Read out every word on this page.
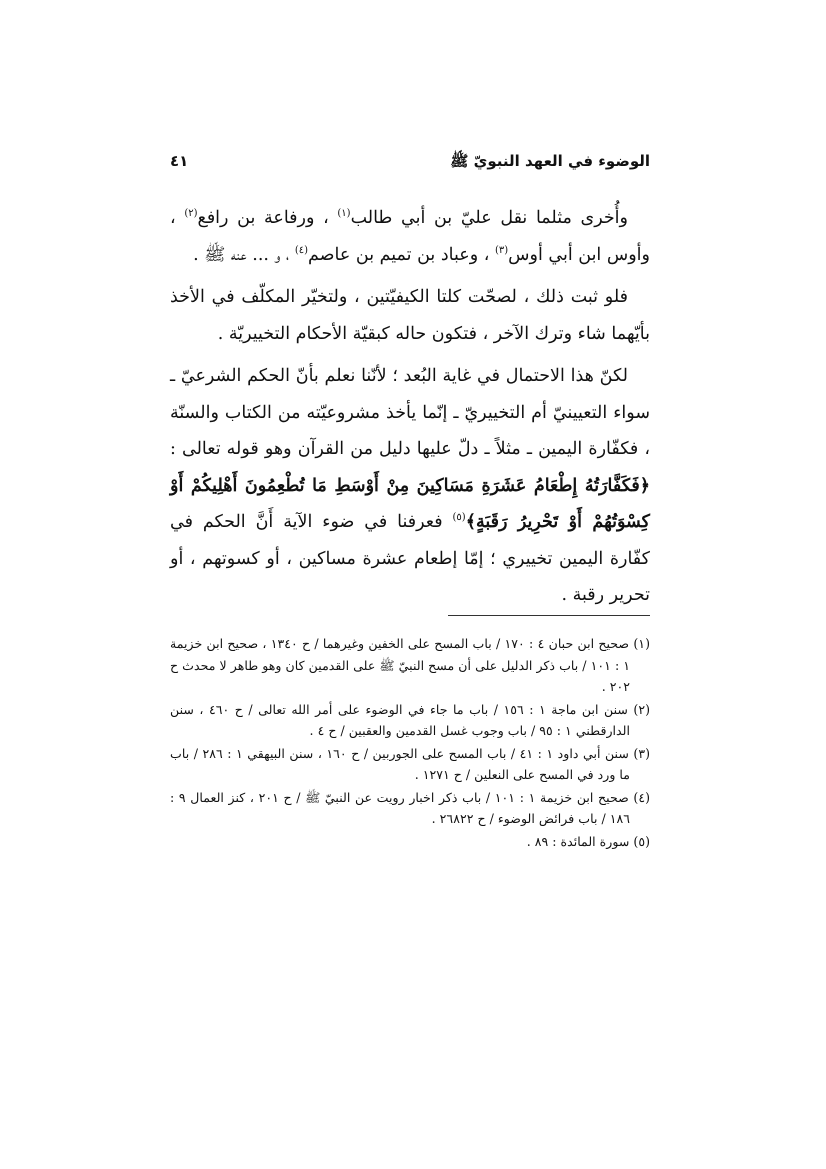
الوضوء في العهد النبويّ ﷺ
٤١

وأُخرى مثلما نقل عليّ بن أبي طالب$^{(١)}$ ، ورفاعة بن رافع$^{(٢)}$ ، وأوس ابن أبي أوس$^{(٣)}$ ، وعباد بن تميم بن عاصم$^{(٤)}$ ، و ... عنه ﷺ .

فلو ثبت ذلك ، لصحّت كلتا الكيفيّتين ، ولتخيّر المكلّف في الأخذ بأيّهما شاء وترك الآخر ، فتكون حاله كبقيّة الأحكام التخييريّة .

لكنّ هذا الاحتمال في غاية البُعد ؛ لأنّنا نعلم بأنّ الحكم الشرعيّ ـ سواء التعيينيّ أم التخييريّ ـ إنّما يأخذ مشروعيّته من الكتاب والسنّة ، فكفّارة اليمين ـ مثلاً ـ دلّ عليها دليل من القرآن وهو قوله تعالى : ﴿فَكَفَّارَتُهُ إِطْعَامُ عَشَرَةِ مَسَاكِينَ مِنْ أَوْسَطِ مَا تُطْعِمُونَ أَهْلِيكُمْ أَوْ كِسْوَتُهُمْ أَوْ تَحْرِيرُ رَقَبَةٍ﴾$^{(٥)}$ فعرفنا في ضوء الآية أَنَّ الحكم في كفّارة اليمين تخييري ؛ إمّا إطعام عشرة مساكين ، أو كسوتهم ، أو تحرير رقبة .

(١) صحيح ابن حبان ٤ : ١٧٠ / باب المسح على الخفين وغيرهما / ح ١٣٤٠ ، صحيح ابن خزيمة ١ : ١٠١ / باب ذكر الدليل على أن مسح النبيّ ﷺ على القدمين كان وهو طاهر لا محدث ح ٢٠٢ .

(٢) سنن ابن ماجة ١ : ١٥٦ / باب ما جاء في الوضوء على أمر الله تعالى / ح ٤٦٠ ، سنن الدارقطني ١ : ٩٥ / باب وجوب غسل القدمين والعقبين / ح ٤ .

(٣) سنن أبي داود ١ : ٤١ / باب المسح على الجوربين / ح ١٦٠ ، سنن البيهقي ١ : ٢٨٦ / باب ما ورد في المسح على النعلين / ح ١٢٧١ .

(٤) صحيح ابن خزيمة ١ : ١٠١ / باب ذكر اخبار رويت عن النبيّ ﷺ / ح ٢٠١ ، كنز العمال ٩ : ١٨٦ / باب فرائض الوضوء / ح ٢٦٨٢٢ .

(٥) سورة المائدة : ٨٩ .
